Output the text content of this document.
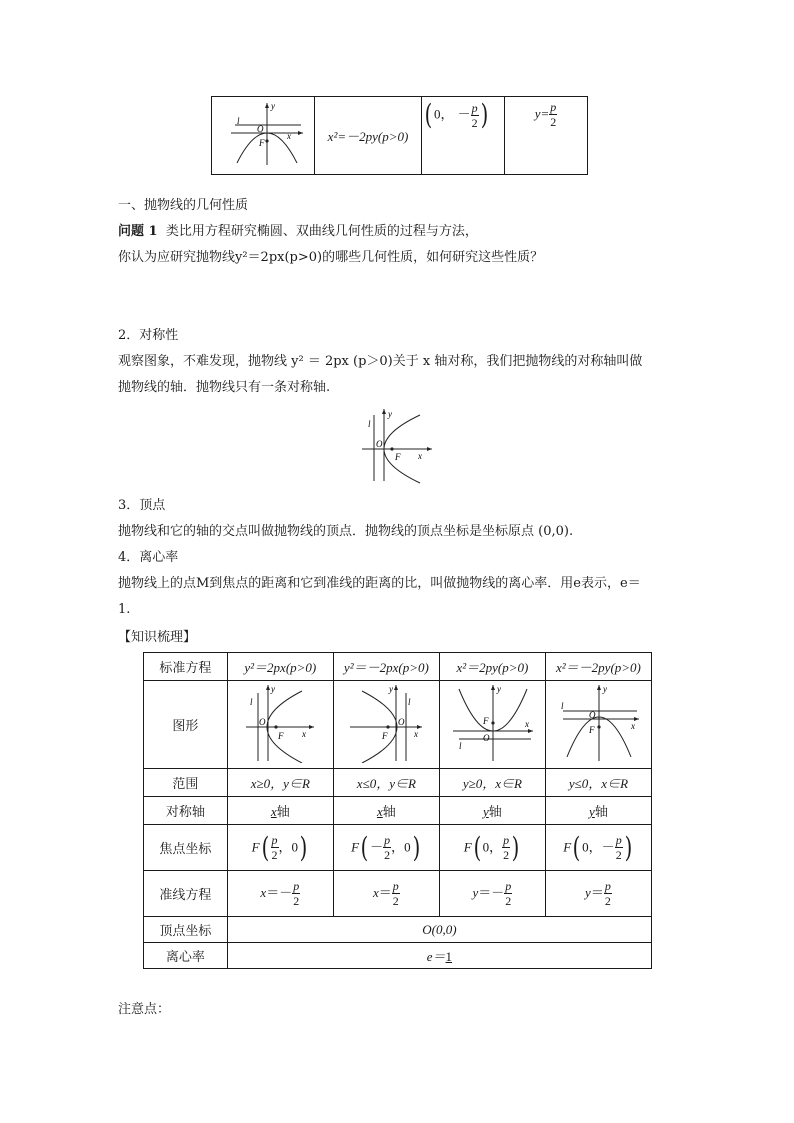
l
O
F
y
x	x²=－2py(p>0)	( 0， － $\frac{p}{2}$ )	$y= \frac{p}{2}$
一、抛物线的几何性质
问题 1 类比用方程研究椭圆、双曲线几何性质的过程与方法，
你认为应研究抛物线y²＝2px(p>0)的哪些几何性质，如何研究这些性质？
2．对称性
观察图象，不难发现，抛物线 y² ＝ 2px (p＞0)关于 x 轴对称，我们把抛物线的对称轴叫做
抛物线的轴．抛物线只有一条对称轴.
l
O
F
y
x
3．顶点
抛物线和它的轴的交点叫做抛物线的顶点．抛物线的顶点坐标是坐标原点 (0,0).
4．离心率
抛物线上的点M到焦点的距离和它到准线的距离的比，叫做抛物线的离心率．用e表示，e＝
1.
【知识梳理】
标准方程	y²＝2px(p>0)	y²＝－2px(p>0)	x²＝2py(p>0)	x²＝－2py(p>0)
图形	l
O
F
y
x	l
O
F
y
x	l
O
F
y
x	l
O
F
y
x

范围	x≥0，y∈R	x≤0，y∈R	y≥0，x∈R	y≤0，x∈R
对称轴	x轴	x轴	y轴	y轴
焦点坐标	$F( \frac{p}{2}$ ，0)	$F( - \frac{p}{2}$ ，0)	F( 0， $\frac{p}{2}$ )	F( 0，－ $\frac{p}{2}$ )
准线方程	$x=- \frac{p}{2}$	$x= \frac{p}{2}$	$y=- \frac{p}{2}$	$y= \frac{p}{2}$

顶点坐标	O(0,0)			
离心率	e＝1			
注意点：
